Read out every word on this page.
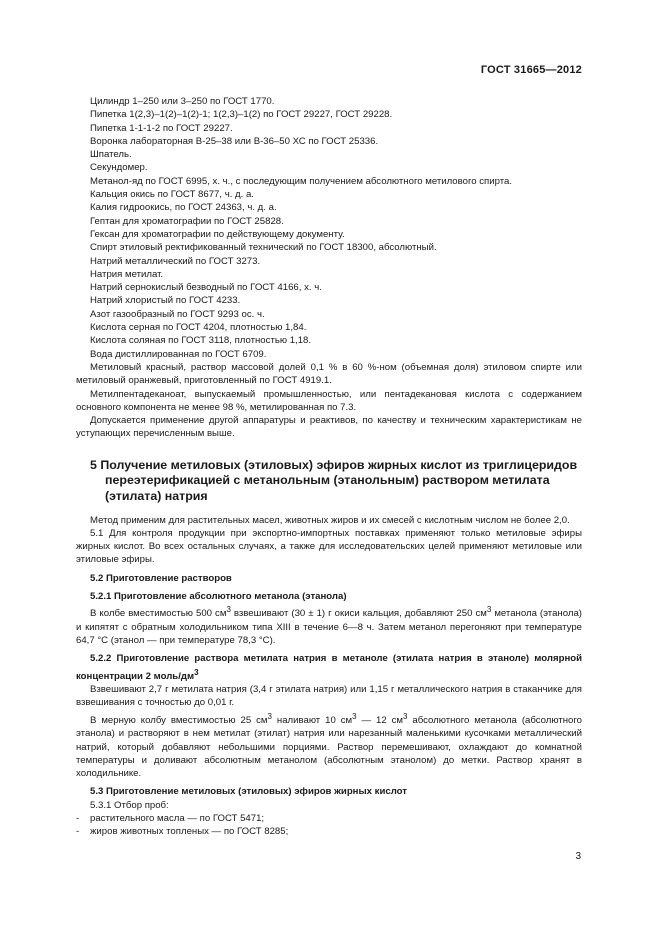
ГОСТ 31665—2012

Цилиндр 1–250 или 3–250 по ГОСТ 1770.

Пипетка 1(2,3)–1(2)–1(2)-1; 1(2,3)–1(2) по ГОСТ 29227, ГОСТ 29228.

Пипетка 1-1-1-2 по ГОСТ 29227.

Воронка лабораторная В-25–38 или В-36–50 ХС по ГОСТ 25336.

Шпатель.

Секундомер.

Метанол-яд по ГОСТ 6995, х. ч., с последующим получением абсолютного метилового спирта.

Кальция окись по ГОСТ 8677, ч. д. а.

Калия гидроокись, по ГОСТ 24363, ч. д. а.

Гептан для хроматографии по ГОСТ 25828.

Гексан для хроматографии по действующему документу.

Спирт этиловый ректификованный технический по ГОСТ 18300, абсолютный.

Натрий металлический по ГОСТ 3273.

Натрия метилат.

Натрий сернокислый безводный по ГОСТ 4166, х. ч.

Натрий хлористый по ГОСТ 4233.

Азот газообразный по ГОСТ 9293 ос. ч.

Кислота серная по ГОСТ 4204, плотностью 1,84.

Кислота соляная по ГОСТ 3118, плотностью 1,18.

Вода дистиллированная по ГОСТ 6709.

Метиловый красный, раствор массовой долей 0,1 % в 60 %-ном (объемная доля) этиловом спирте или метиловый оранжевый, приготовленный по ГОСТ 4919.1.

Метилпентадеканоат, выпускаемый промышленностью, или пентадекановая кислота с содержанием основного компонента не менее 98 %, метилированная по 7.3.

Допускается применение другой аппаратуры и реактивов, по качеству и техническим характеристикам не уступающих перечисленным выше.

5 Получение метиловых (этиловых) эфиров жирных кислот из триглицеридов переэтерификацией с метанольным (этанольным) раствором метилата (этилата) натрия

Метод применим для растительных масел, животных жиров и их смесей с кислотным числом не более 2,0.

5.1 Для контроля продукции при экспортно-импортных поставках применяют только метиловые эфиры жирных кислот. Во всех остальных случаях, а также для исследовательских целей применяют метиловые или этиловые эфиры.

5.2 Приготовление растворов

5.2.1 Приготовление абсолютного метанола (этанола)

В колбе вместимостью 500 $см^3$ взвешивают (30 ± 1) г окиси кальция, добавляют 250 $см^3$ метанола (этанола) и кипятят с обратным холодильником типа XIII в течение 6—8 ч. Затем метанол перегоняют при температуре 64,7 °С (этанол — при температуре 78,3 °С).

5.2.2 Приготовление раствора метилата натрия в метаноле (этилата натрия в этаноле) молярной концентрации 2 моль/$дм^3$

Взвешивают 2,7 г метилата натрия (3,4 г этилата натрия) или 1,15 г металлического натрия в стаканчике для взвешивания с точностью до 0,01 г.

В мерную колбу вместимостью 25 $см^3$ наливают 10 $см^3$ — 12 $см^3$ абсолютного метанола (абсолютного этанола) и растворяют в нем метилат (этилат) натрия или нарезанный маленькими кусочками металлический натрий, который добавляют небольшими порциями. Раствор перемешивают, охлаждают до комнатной температуры и доливают абсолютным метанолом (абсолютным этанолом) до метки. Раствор хранят в холодильнике.

5.3 Приготовление метиловых (этиловых) эфиров жирных кислот

5.3.1 Отбор проб:

-	растительного масла — по ГОСТ 5471;
-	жиров животных топленых — по ГОСТ 8285;
3
